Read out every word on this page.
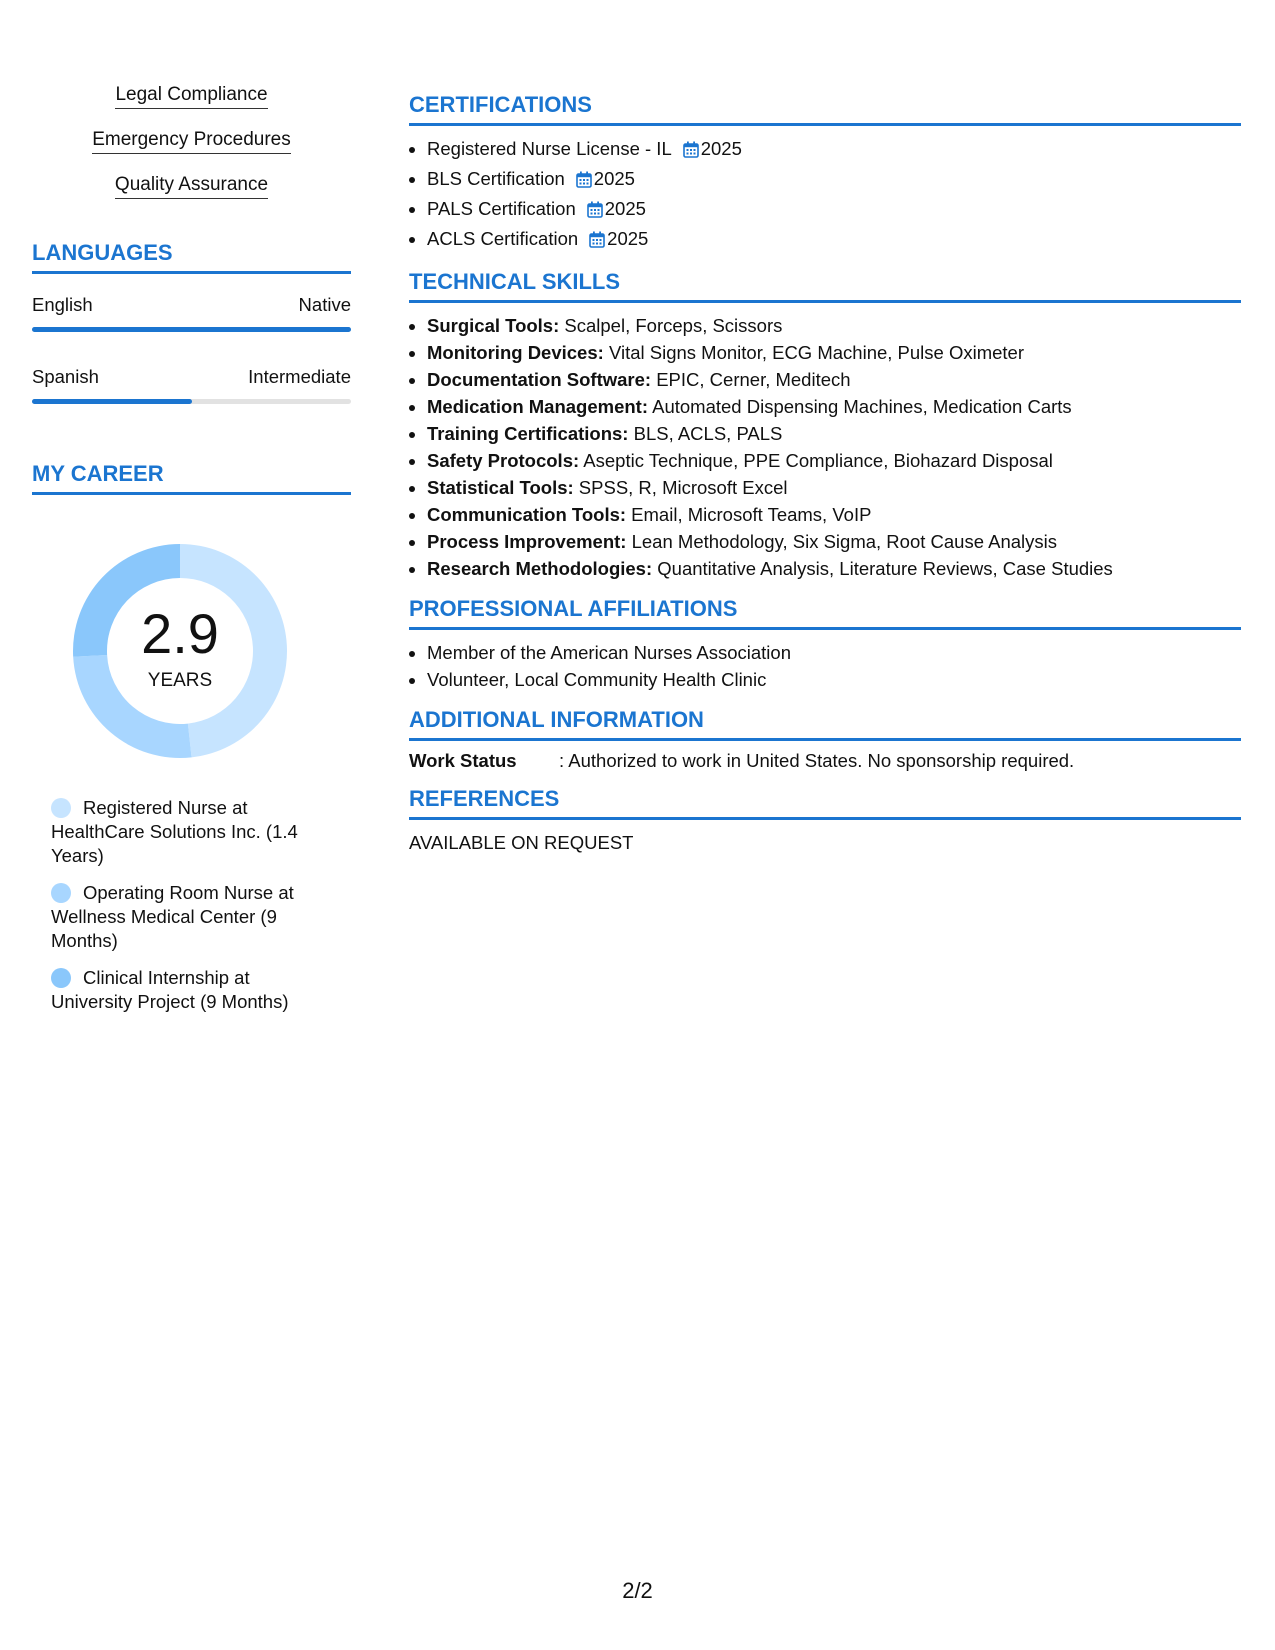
Legal Compliance
Emergency Procedures
Quality Assurance
LANGUAGES
English	Native
Spanish	Intermediate
MY CAREER
2.9
YEARS
Registered Nurse at HealthCare Solutions Inc. (1.4 Years)
Operating Room Nurse at Wellness Medical Center (9 Months)
Clinical Internship at University Project (9 Months)
CERTIFICATIONS
• Registered Nurse License - IL 2025
• BLS Certification 2025
• PALS Certification 2025
• ACLS Certification 2025
TECHNICAL SKILLS
• Surgical Tools: Scalpel, Forceps, Scissors
• Monitoring Devices: Vital Signs Monitor, ECG Machine, Pulse Oximeter
• Documentation Software: EPIC, Cerner, Meditech
• Medication Management: Automated Dispensing Machines, Medication Carts
• Training Certifications: BLS, ACLS, PALS
• Safety Protocols: Aseptic Technique, PPE Compliance, Biohazard Disposal
• Statistical Tools: SPSS, R, Microsoft Excel
• Communication Tools: Email, Microsoft Teams, VoIP
• Process Improvement: Lean Methodology, Six Sigma, Root Cause Analysis
• Research Methodologies: Quantitative Analysis, Literature Reviews, Case Studies
PROFESSIONAL AFFILIATIONS
• Member of the American Nurses Association
• Volunteer, Local Community Health Clinic
ADDITIONAL INFORMATION
Work Status	: Authorized to work in United States. No sponsorship required.
REFERENCES
AVAILABLE ON REQUEST
2/2
